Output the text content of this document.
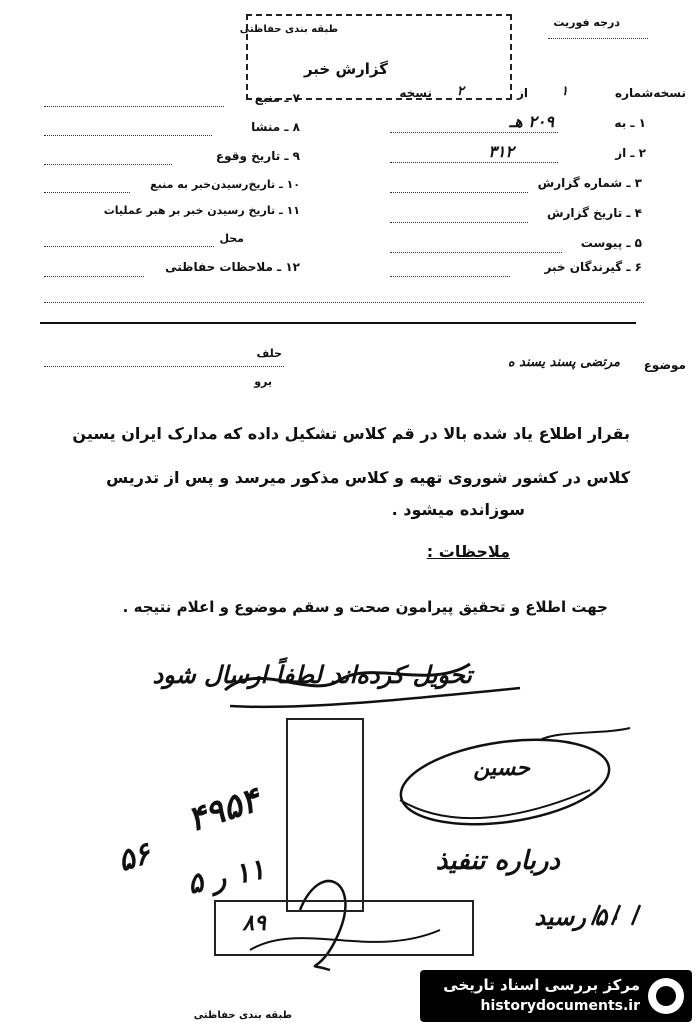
درجه فوریت
طبقه بندی حفاظتی
گزارش خبر
نسخه‌شماره
۱
از
۲
نسخه
۱ ـ به
۲۰۹ هـ
۲ ـ از
۳۱۲
۳ ـ شماره گزارش
۴ ـ تاریخ گزارش
۵ ـ پیوست
۶ ـ گیرندگان خبر
۷ ـ منبع
۸ ـ منشا
۹ ـ تاریخ وقوع
۱۰ ـ تاریخ‌رسیدن‌خبر به منبع
۱۱ ـ تاریخ رسیدن خبر بر هبر عملیات
محل
۱۲ ـ ملاحظات حفاظتی
حلف
یرو
موضوع
مرتضی پسند یسند ه
بقرار اطلاع یاد شده بالا در قم کلاس تشکیل داده که مدارک ایران یسین
کلاس در کشور شوروی تهیه و کلاس مذکور میرسد و پس از تدریس
سوزانده میشود .
ملاحظات :
جهت اطلاع و تحقیق پیرامون صحت و سقم موضوع و اعلام نتیجه .
تحویل کرده‌اند لطفاً ارسال شود
۴۹۵۴
۵۶
۱۱ ر ۵
حسین
درباره تنفیذ
۵۰ رسید
۸۹
طبقه بندی حفاظتی
مرکز بررسی اسناد تاریخی
historydocuments.ir
